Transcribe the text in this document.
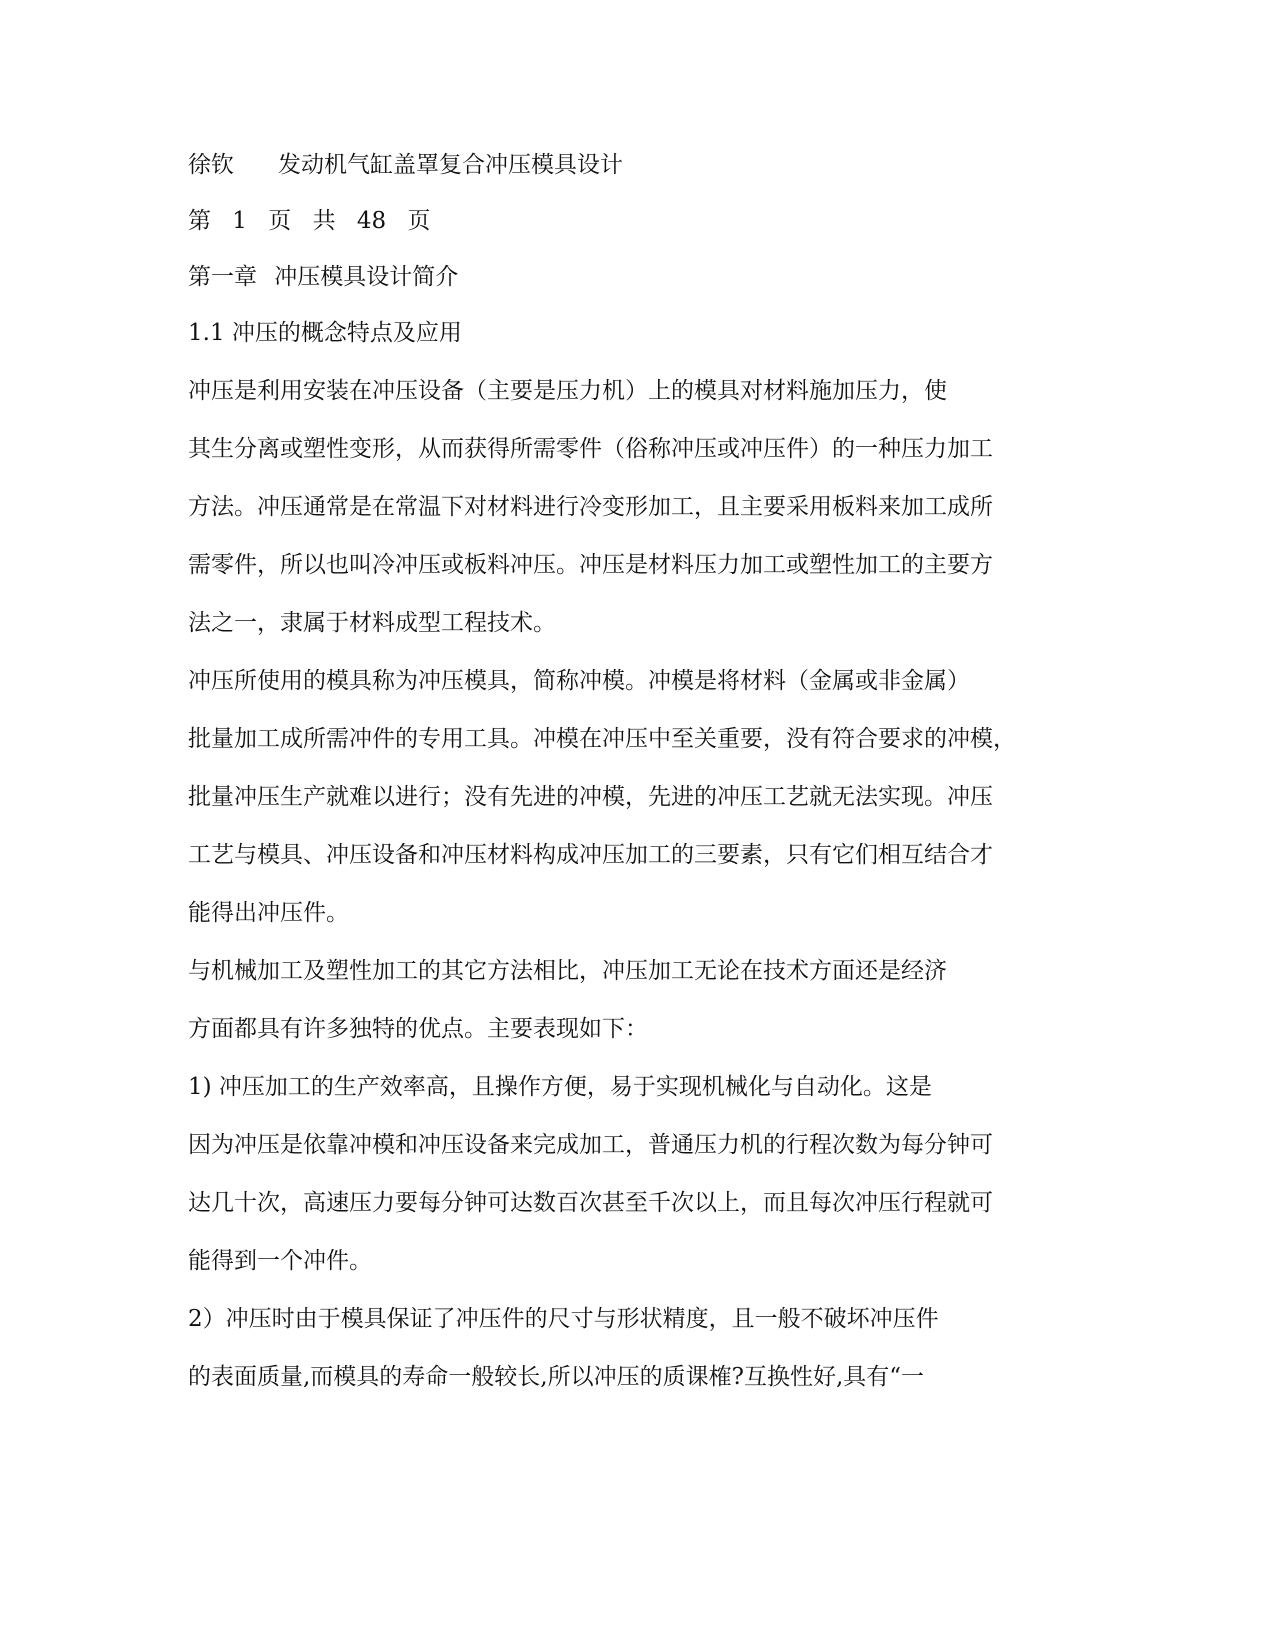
徐钦 发动机气缸盖罩复合冲压模具设计
第 1 页 共 48 页
第一章 冲压模具设计简介
1.1 冲压的概念特点及应用
冲压是利用安装在冲压设备（主要是压力机）上的模具对材料施加压力，使
其生分离或塑性变形，从而获得所需零件（俗称冲压或冲压件）的一种压力加工
方法。冲压通常是在常温下对材料进行冷变形加工，且主要采用板料来加工成所
需零件，所以也叫冷冲压或板料冲压。冲压是材料压力加工或塑性加工的主要方
法之一，隶属于材料成型工程技术。
冲压所使用的模具称为冲压模具，简称冲模。冲模是将材料（金属或非金属）
批量加工成所需冲件的专用工具。冲模在冲压中至关重要，没有符合要求的冲模，
批量冲压生产就难以进行；没有先进的冲模，先进的冲压工艺就无法实现。冲压
工艺与模具、冲压设备和冲压材料构成冲压加工的三要素，只有它们相互结合才
能得出冲压件。
与机械加工及塑性加工的其它方法相比，冲压加工无论在技术方面还是经济
方面都具有许多独特的优点。主要表现如下：
1) 冲压加工的生产效率高，且操作方便，易于实现机械化与自动化。这是
因为冲压是依靠冲模和冲压设备来完成加工，普通压力机的行程次数为每分钟可
达几十次，高速压力要每分钟可达数百次甚至千次以上，而且每次冲压行程就可
能得到一个冲件。
2）冲压时由于模具保证了冲压件的尺寸与形状精度，且一般不破坏冲压件
的表面质量,而模具的寿命一般较长,所以冲压的质课榷?互换性好,具有“一
